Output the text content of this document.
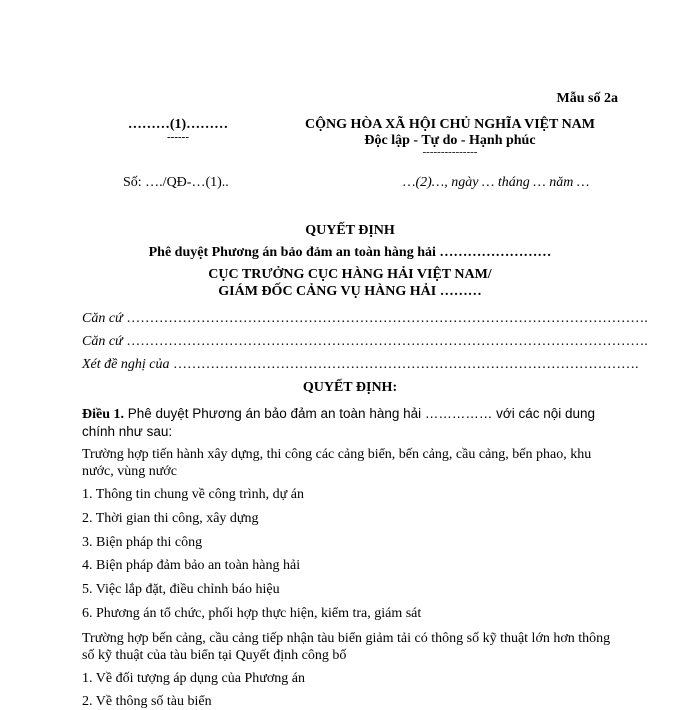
Mẫu số 2a
………(1)………
------
CỘNG HÒA XÃ HỘI CHỦ NGHĨA VIỆT NAM
Độc lập - Tự do - Hạnh phúc
---------------
Số: …./QĐ-…(1)..	…(2)…, ngày … tháng … năm …
QUYẾT ĐỊNH
Phê duyệt Phương án bảo đảm an toàn hàng hải ……………………
CỤC TRƯỞNG CỤC HÀNG HẢI VIỆT NAM/
GIÁM ĐỐC CẢNG VỤ HÀNG HẢI ………
Căn cứ ………………………………………………………………………………………………….
Căn cứ ………………………………………………………………………………………………….
Xét đề nghị của ……………………………………………………………………………………….
QUYẾT ĐỊNH:
Điều 1. Phê duyệt Phương án bảo đảm an toàn hàng hải …………… với các nội dung chính như sau:
Trường hợp tiến hành xây dựng, thi công các cảng biển, bến cảng, cầu cảng, bến phao, khu nước, vùng nước
1. Thông tin chung về công trình, dự án
2. Thời gian thi công, xây dựng
3. Biện pháp thi công
4. Biện pháp đảm bảo an toàn hàng hải
5. Việc lắp đặt, điều chỉnh báo hiệu
6. Phương án tổ chức, phối hợp thực hiện, kiểm tra, giám sát
Trường hợp bến cảng, cầu cảng tiếp nhận tàu biển giảm tải có thông số kỹ thuật lớn hơn thông số kỹ thuật của tàu biển tại Quyết định công bố
1. Về đối tượng áp dụng của Phương án
2. Về thông số tàu biển
